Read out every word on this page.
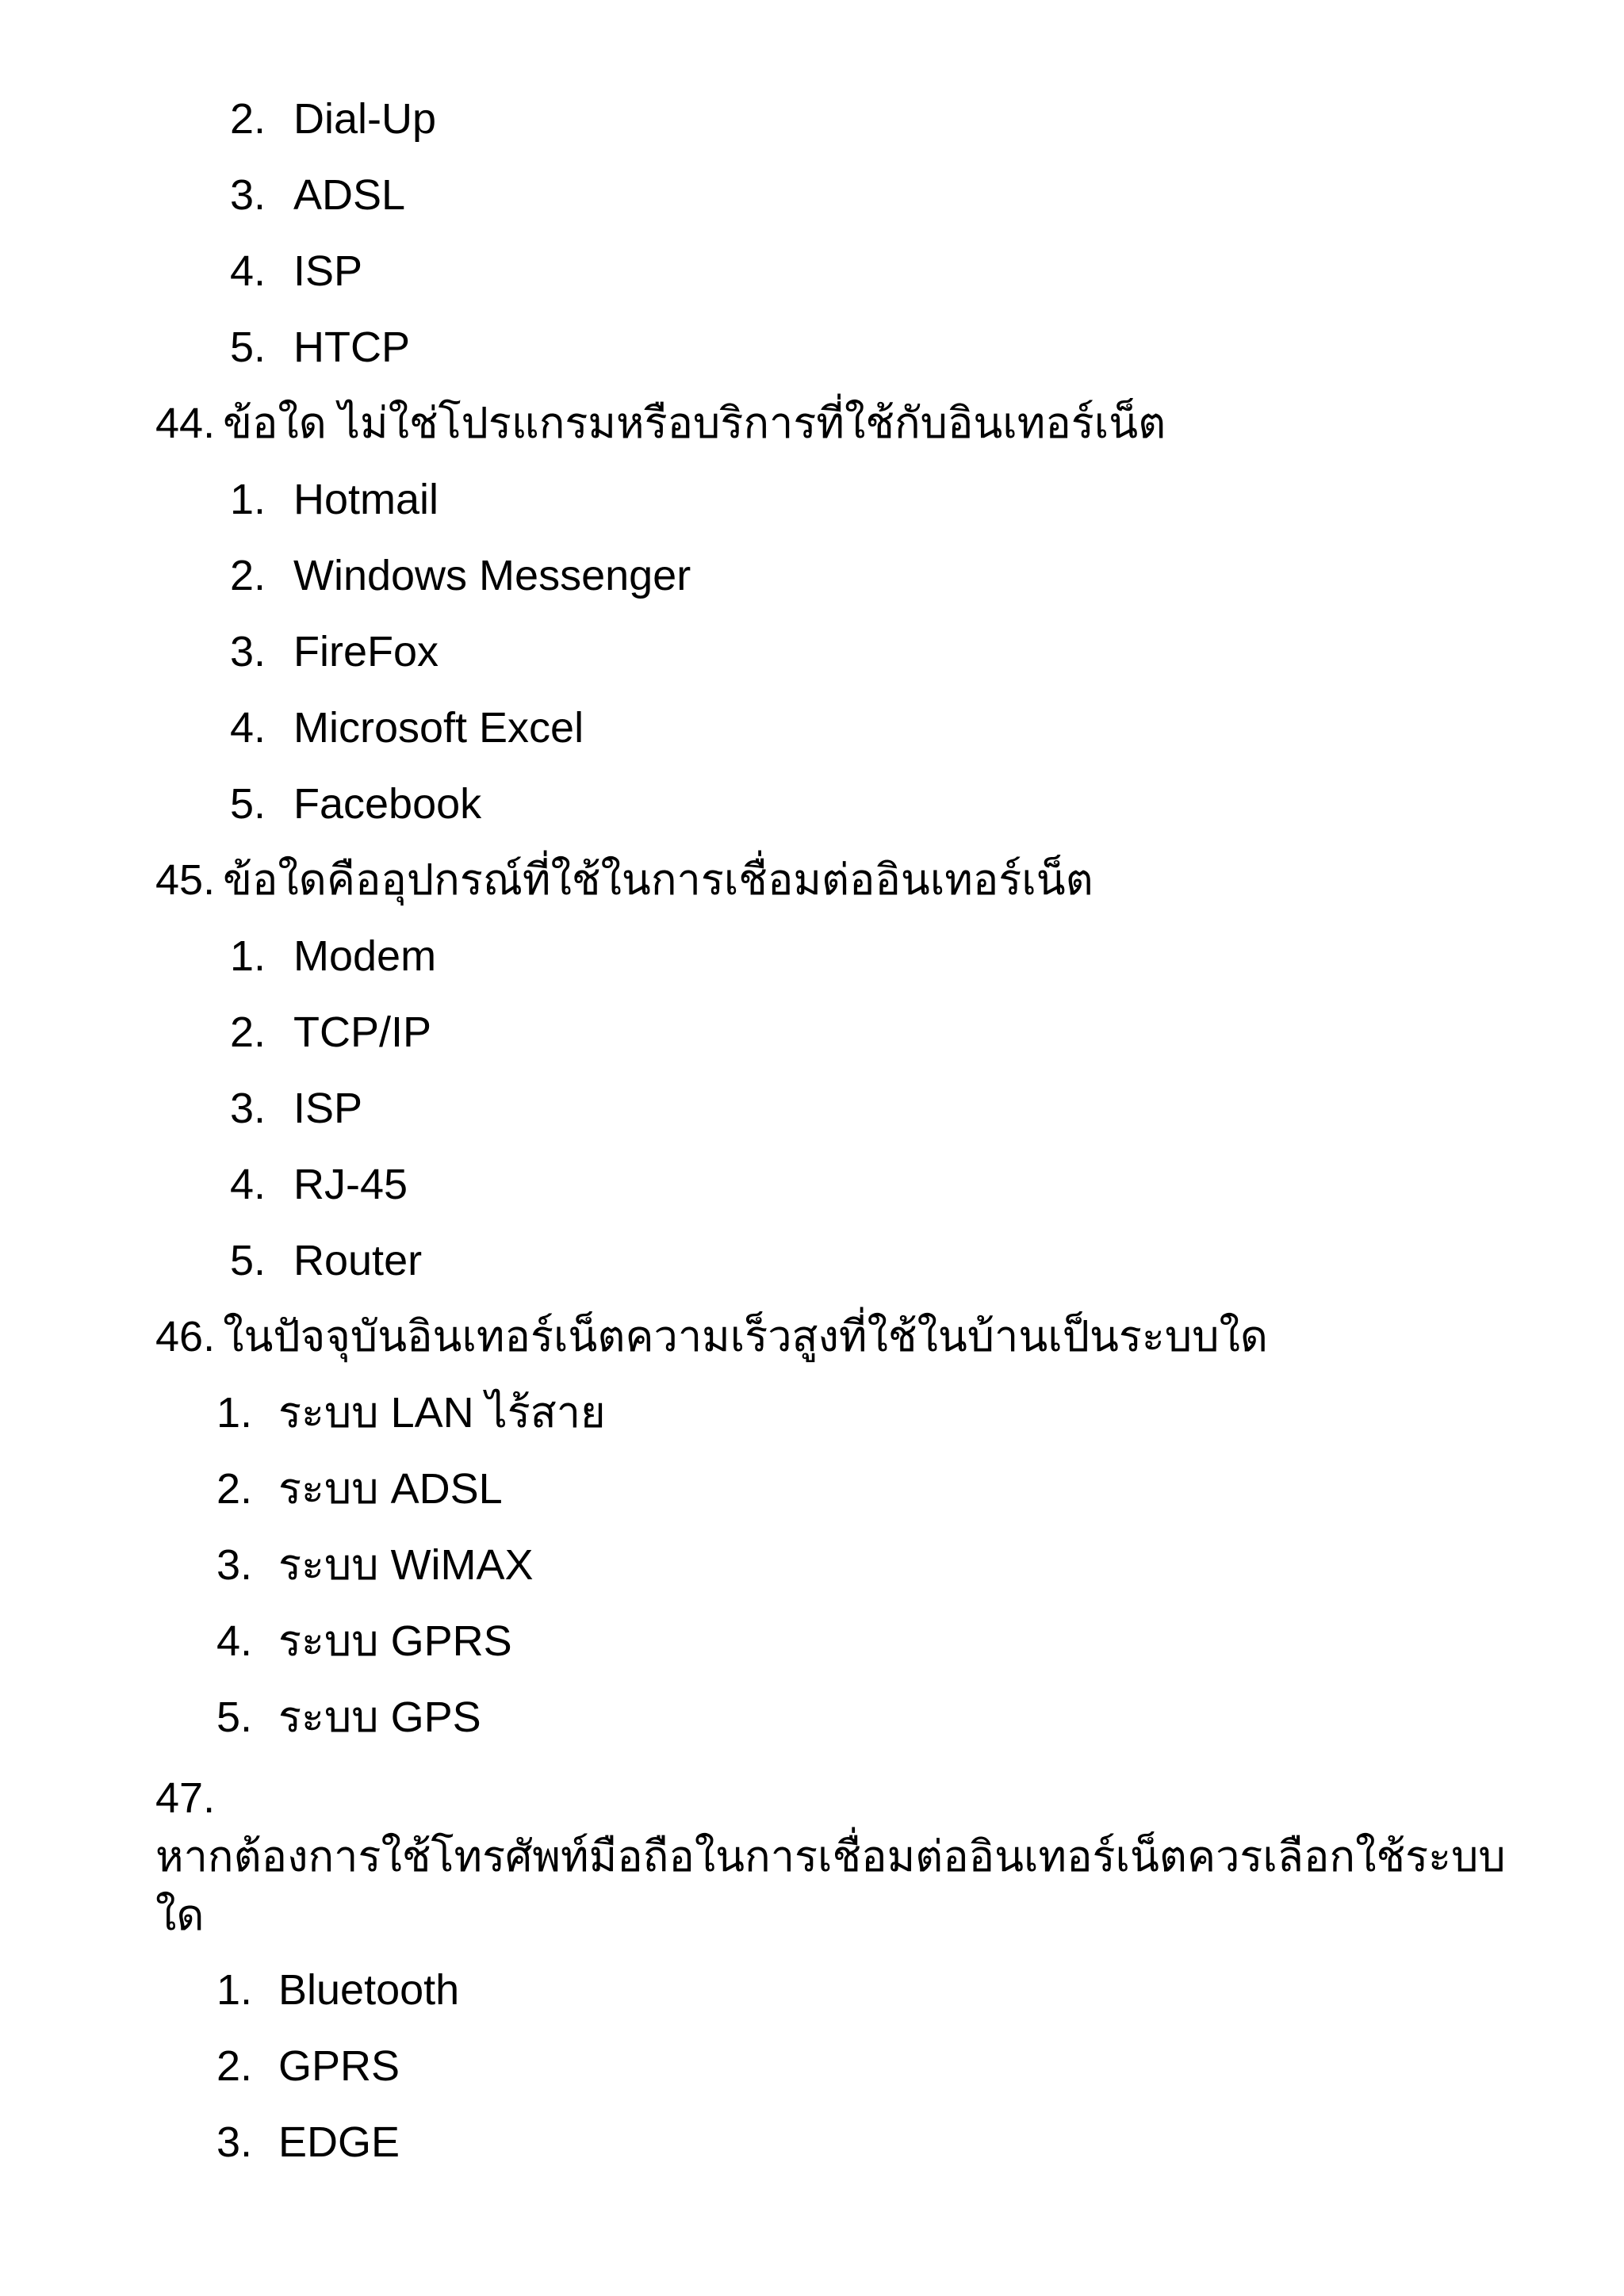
2. Dial-Up
3. ADSL
4. ISP
5. HTCP
44. ข้อใด ไม่ใช่โปรแกรมหรือบริการที่ใช้กับอินเทอร์เน็ต
1. Hotmail
2. Windows Messenger
3. FireFox
4. Microsoft Excel
5. Facebook
45. ข้อใดคืออุปกรณ์ที่ใช้ในการเชื่อมต่ออินเทอร์เน็ต
1. Modem
2. TCP/IP
3. ISP
4. RJ-45
5. Router
46. ในปัจจุบันอินเทอร์เน็ตความเร็วสูงที่ใช้ในบ้านเป็นระบบใด
1. ระบบ LAN ไร้สาย
2. ระบบ ADSL
3. ระบบ WiMAX
4. ระบบ GPRS
5. ระบบ GPS
47.
หากต้องการใช้โทรศัพท์มือถือในการเชื่อมต่ออินเทอร์เน็ตควรเลือกใช้ระบบ
ใด
1. Bluetooth
2. GPRS
3. EDGE
